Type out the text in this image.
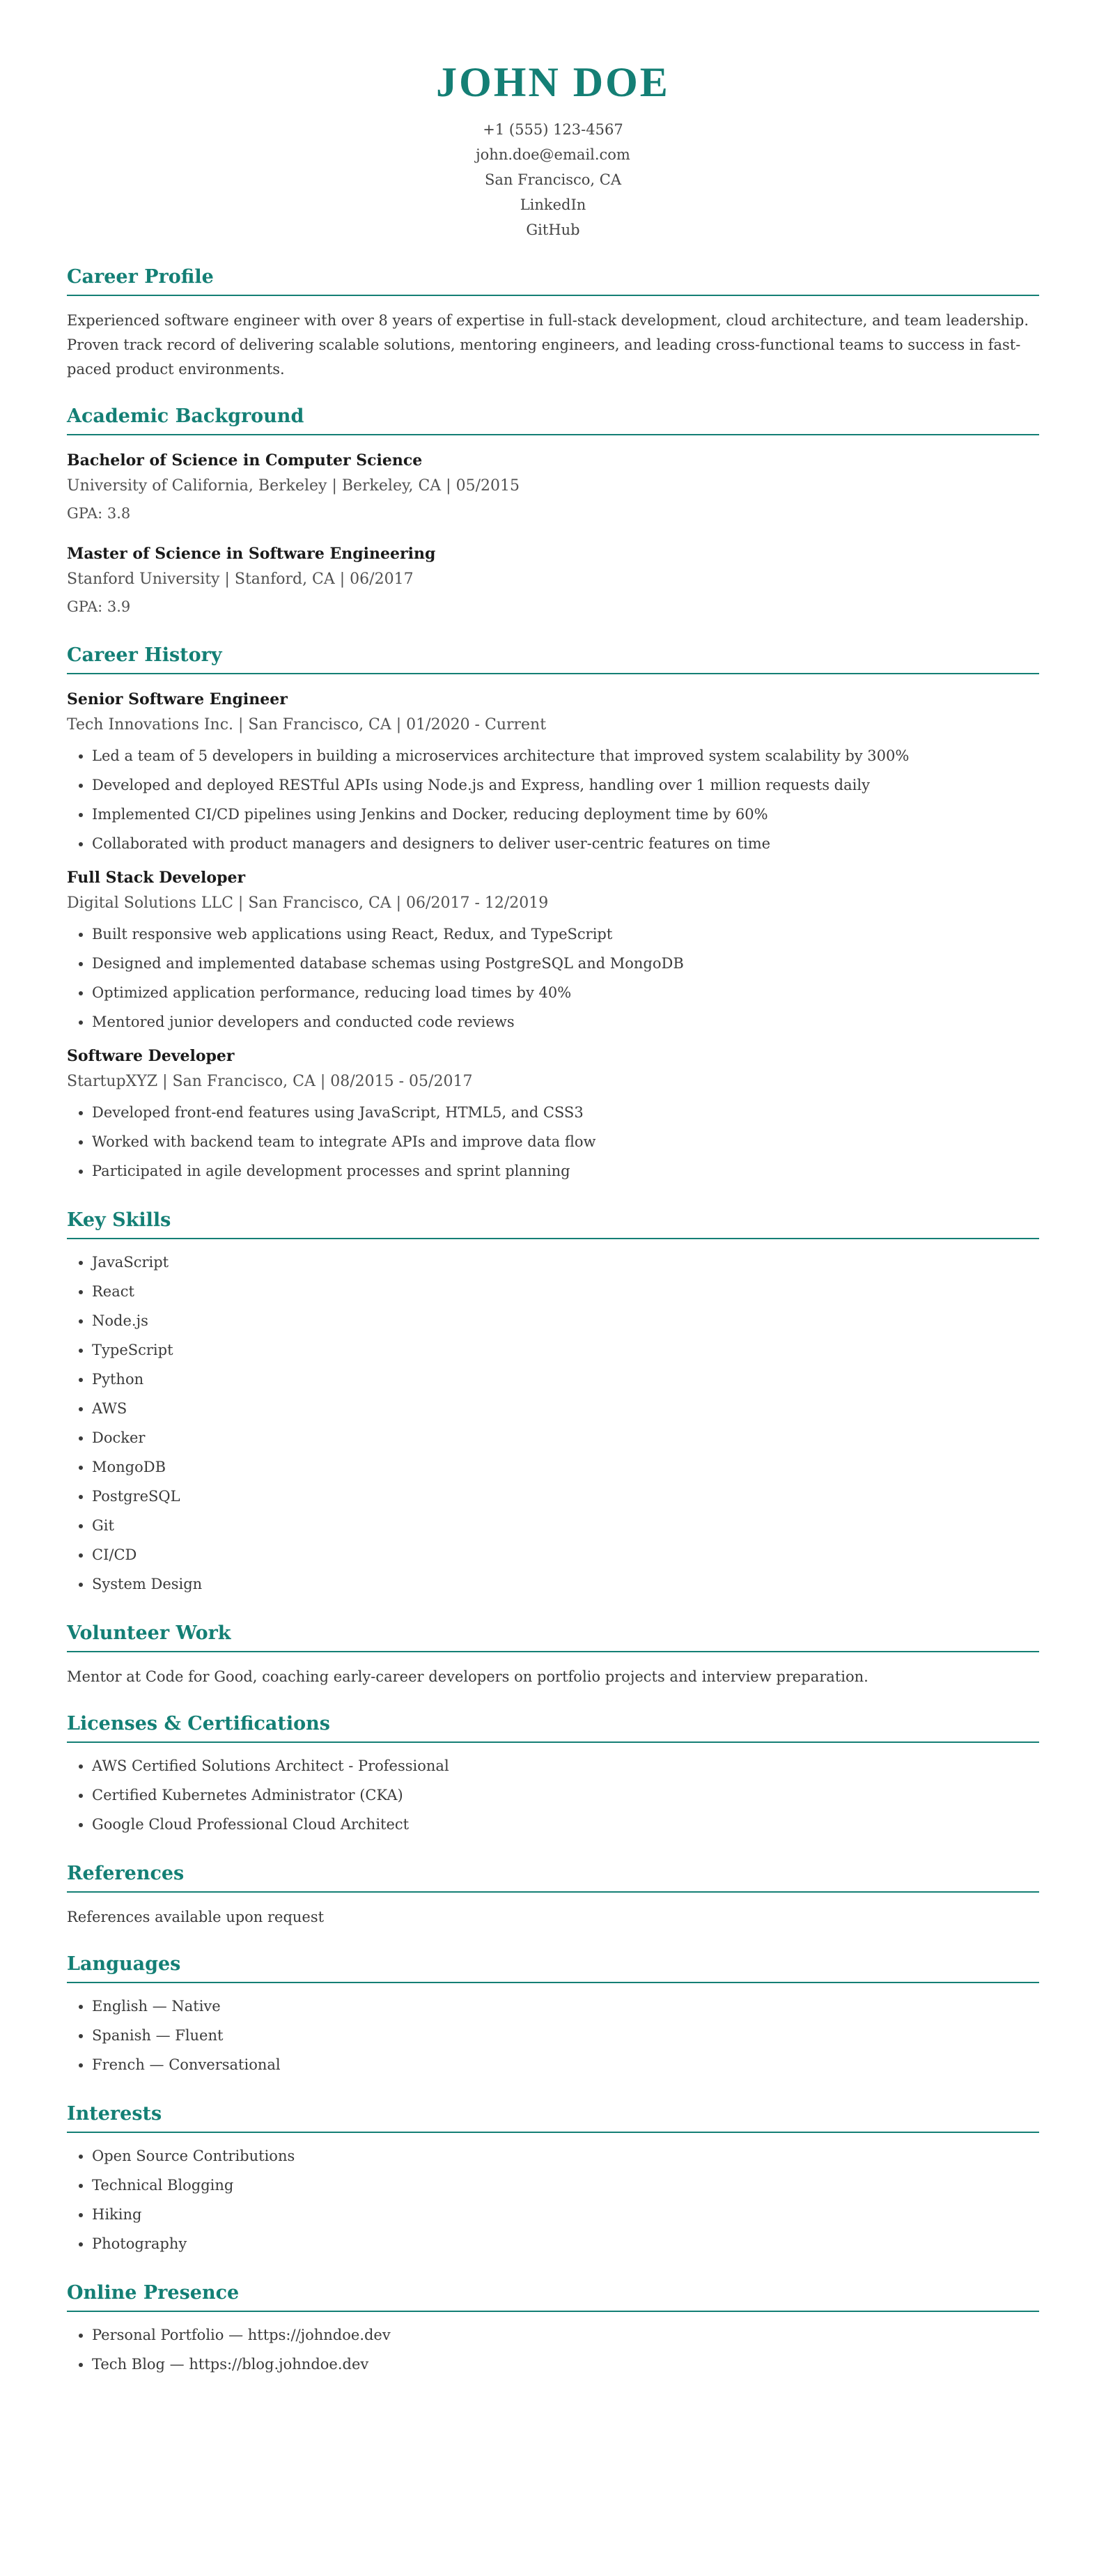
JOHN DOE
+1 (555) 123-4567
john.doe@email.com
San Francisco, CA
LinkedIn
GitHub
Career Profile

Experienced software engineer with over 8 years of expertise in full-stack development, cloud architecture, and team leadership. Proven track record of delivering scalable solutions, mentoring engineers, and leading cross-functional teams to success in fast-paced product environments.

Academic Background
Bachelor of Science in Computer Science
University of California, Berkeley | Berkeley, CA | 05/2015
GPA: 3.8
Master of Science in Software Engineering
Stanford University | Stanford, CA | 06/2017
GPA: 3.9
Career History
Senior Software Engineer
Tech Innovations Inc. | San Francisco, CA | 01/2020 - Current
• Led a team of 5 developers in building a microservices architecture that improved system scalability by 300%
• Developed and deployed RESTful APIs using Node.js and Express, handling over 1 million requests daily
• Implemented CI/CD pipelines using Jenkins and Docker, reducing deployment time by 60%
• Collaborated with product managers and designers to deliver user-centric features on time
Full Stack Developer
Digital Solutions LLC | San Francisco, CA | 06/2017 - 12/2019
• Built responsive web applications using React, Redux, and TypeScript
• Designed and implemented database schemas using PostgreSQL and MongoDB
• Optimized application performance, reducing load times by 40%
• Mentored junior developers and conducted code reviews
Software Developer
StartupXYZ | San Francisco, CA | 08/2015 - 05/2017
• Developed front-end features using JavaScript, HTML5, and CSS3
• Worked with backend team to integrate APIs and improve data flow
• Participated in agile development processes and sprint planning
Key Skills
• JavaScript
• React
• Node.js
• TypeScript
• Python
• AWS
• Docker
• MongoDB
• PostgreSQL
• Git
• CI/CD
• System Design
Volunteer Work

Mentor at Code for Good, coaching early-career developers on portfolio projects and interview preparation.

Licenses & Certifications
• AWS Certified Solutions Architect - Professional
• Certified Kubernetes Administrator (CKA)
• Google Cloud Professional Cloud Architect
References

References available upon request

Languages
• English — Native
• Spanish — Fluent
• French — Conversational
Interests
• Open Source Contributions
• Technical Blogging
• Hiking
• Photography
Online Presence
• Personal Portfolio — https://johndoe.dev
• Tech Blog — https://blog.johndoe.dev
